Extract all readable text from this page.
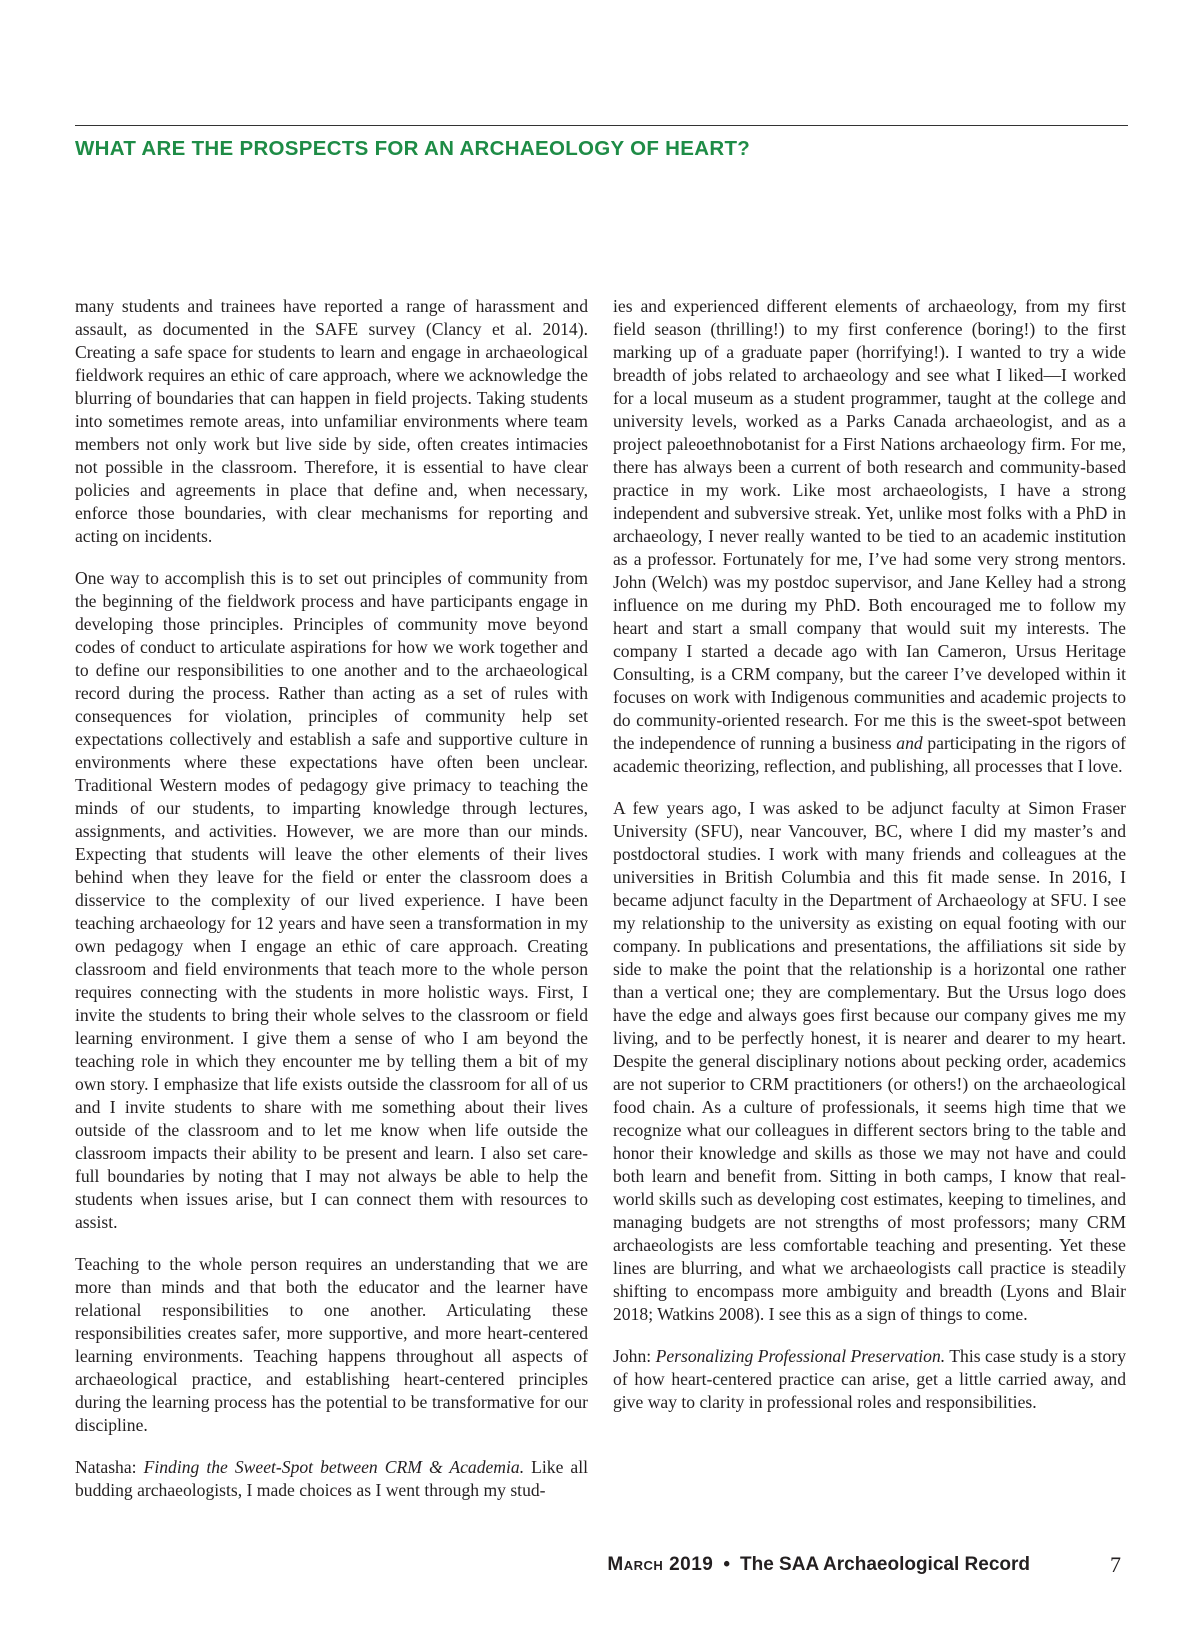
WHAT ARE THE PROSPECTS FOR AN ARCHAEOLOGY OF HEART?

many students and trainees have reported a range of harassment and assault, as documented in the SAFE survey (Clancy et al. 2014). Creating a safe space for students to learn and engage in archaeological fieldwork requires an ethic of care approach, where we acknowledge the blurring of boundaries that can happen in field projects. Taking students into sometimes remote areas, into unfamiliar environments where team members not only work but live side by side, often creates intimacies not possible in the classroom. Therefore, it is essential to have clear policies and agreements in place that define and, when necessary, enforce those boundaries, with clear mechanisms for reporting and acting on incidents.

One way to accomplish this is to set out principles of community from the beginning of the fieldwork process and have participants engage in developing those principles. Principles of community move beyond codes of conduct to articulate aspirations for how we work together and to define our responsibilities to one another and to the archaeological record during the process. Rather than acting as a set of rules with consequences for violation, principles of community help set expectations collectively and establish a safe and supportive culture in environments where these expectations have often been unclear. Traditional Western modes of pedagogy give primacy to teaching the minds of our students, to imparting knowledge through lectures, assignments, and activities. However, we are more than our minds. Expecting that students will leave the other elements of their lives behind when they leave for the field or enter the classroom does a disservice to the complexity of our lived experience. I have been teaching archaeology for 12 years and have seen a transformation in my own pedagogy when I engage an ethic of care approach. Creating classroom and field environments that teach more to the whole person requires connecting with the students in more holistic ways. First, I invite the students to bring their whole selves to the classroom or field learning environment. I give them a sense of who I am beyond the teaching role in which they encounter me by telling them a bit of my own story. I emphasize that life exists outside the classroom for all of us and I invite students to share with me something about their lives outside of the classroom and to let me know when life outside the classroom impacts their ability to be present and learn. I also set care-full boundaries by noting that I may not always be able to help the students when issues arise, but I can connect them with resources to assist.

Teaching to the whole person requires an understanding that we are more than minds and that both the educator and the learner have relational responsibilities to one another. Articulating these responsibilities creates safer, more supportive, and more heart-centered learning environments. Teaching happens throughout all aspects of archaeological practice, and establishing heart-centered principles during the learning process has the potential to be transformative for our discipline.

Natasha: Finding the Sweet-Spot between CRM & Academia. Like all budding archaeologists, I made choices as I went through my stud-

ies and experienced different elements of archaeology, from my first field season (thrilling!) to my first conference (boring!) to the first marking up of a graduate paper (horrifying!). I wanted to try a wide breadth of jobs related to archaeology and see what I liked—I worked for a local museum as a student programmer, taught at the college and university levels, worked as a Parks Canada archaeologist, and as a project paleoethnobotanist for a First Nations archaeology firm. For me, there has always been a current of both research and community-based practice in my work. Like most archaeologists, I have a strong independent and subversive streak. Yet, unlike most folks with a PhD in archaeology, I never really wanted to be tied to an academic institution as a professor. Fortunately for me, I’ve had some very strong mentors. John (Welch) was my postdoc supervisor, and Jane Kelley had a strong influence on me during my PhD. Both encouraged me to follow my heart and start a small company that would suit my interests. The company I started a decade ago with Ian Cameron, Ursus Heritage Consulting, is a CRM company, but the career I’ve developed within it focuses on work with Indigenous communities and academic projects to do community-oriented research. For me this is the sweet-spot between the independence of running a business and participating in the rigors of academic theorizing, reflection, and publishing, all processes that I love.

A few years ago, I was asked to be adjunct faculty at Simon Fraser University (SFU), near Vancouver, BC, where I did my master’s and postdoctoral studies. I work with many friends and colleagues at the universities in British Columbia and this fit made sense. In 2016, I became adjunct faculty in the Department of Archaeology at SFU. I see my relationship to the university as existing on equal footing with our company. In publications and presentations, the affiliations sit side by side to make the point that the relationship is a horizontal one rather than a vertical one; they are complementary. But the Ursus logo does have the edge and always goes first because our company gives me my living, and to be perfectly honest, it is nearer and dearer to my heart. Despite the general disciplinary notions about pecking order, academics are not superior to CRM practitioners (or others!) on the archaeological food chain. As a culture of professionals, it seems high time that we recognize what our colleagues in different sectors bring to the table and honor their knowledge and skills as those we may not have and could both learn and benefit from. Sitting in both camps, I know that real-world skills such as developing cost estimates, keeping to timelines, and managing budgets are not strengths of most professors; many CRM archaeologists are less comfortable teaching and presenting. Yet these lines are blurring, and what we archaeologists call practice is steadily shifting to encompass more ambiguity and breadth (Lyons and Blair 2018; Watkins 2008). I see this as a sign of things to come.

John: Personalizing Professional Preservation. This case study is a story of how heart-centered practice can arise, get a little carried away, and give way to clarity in professional roles and responsibilities.

March 2019 • The SAA Archaeological Record	7
